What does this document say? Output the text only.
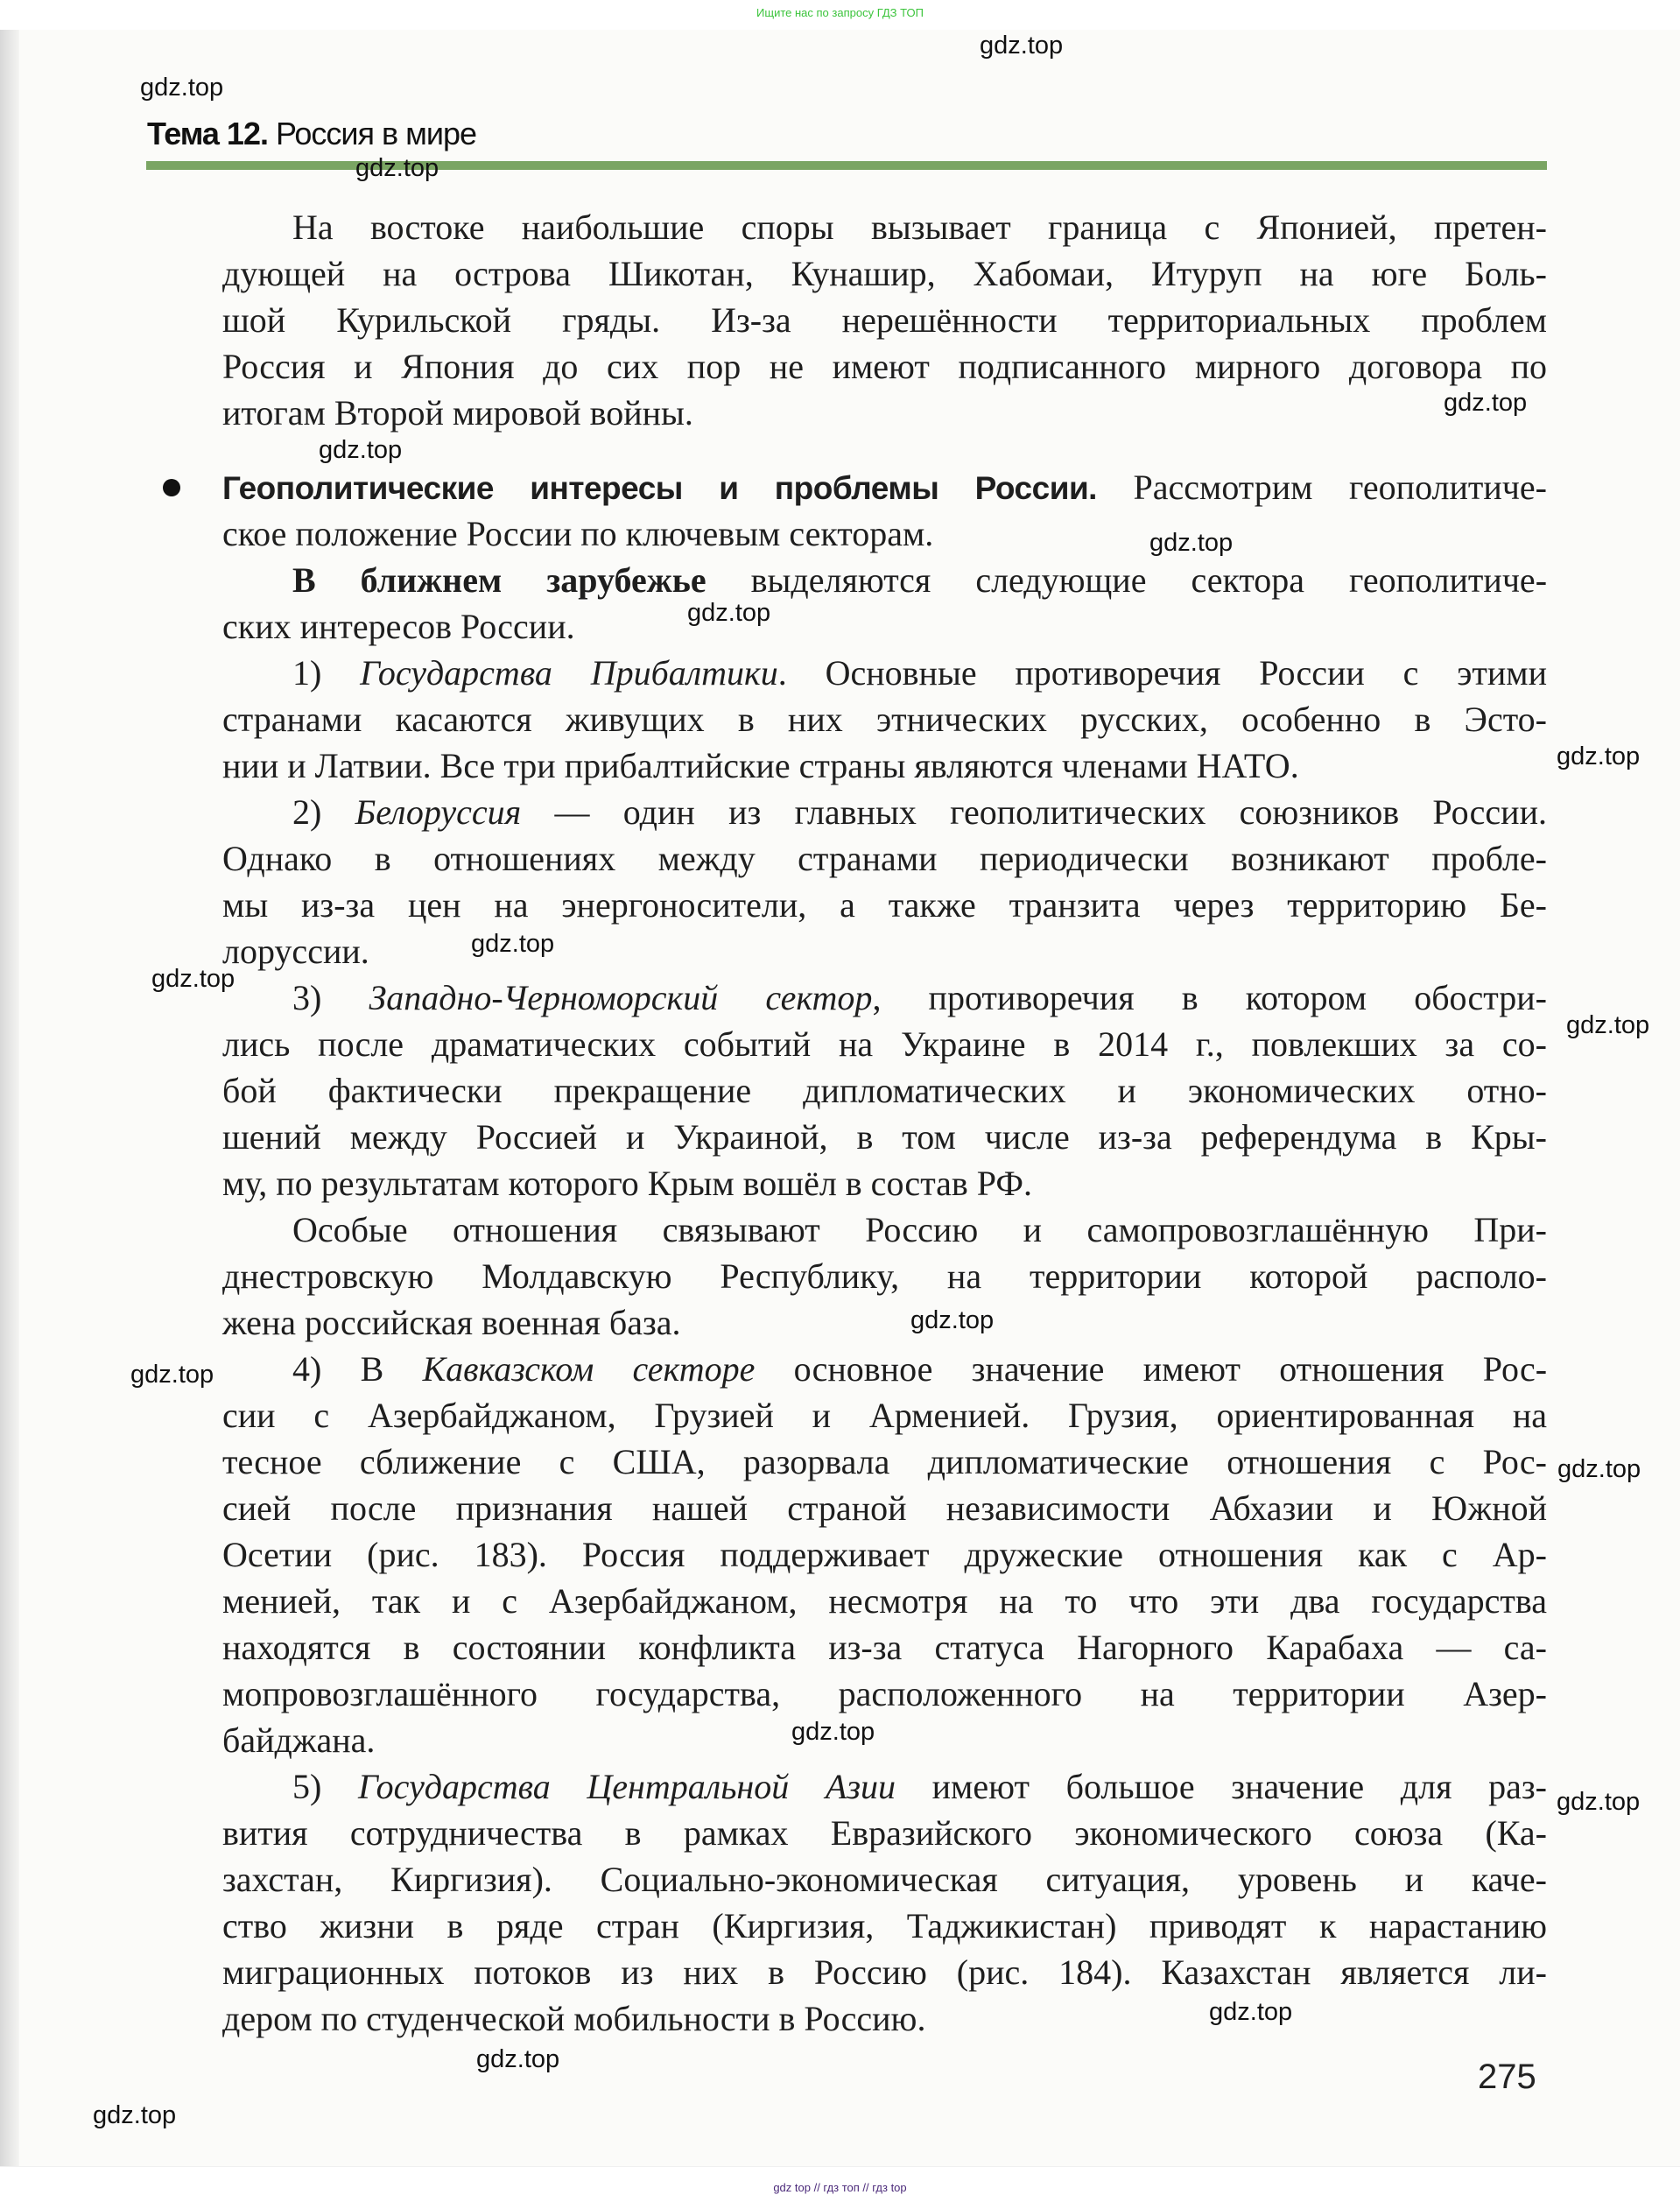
Ищите нас по запросу ГДЗ ТОП
Тема 12. Россия в мире
На востоке наибольшие споры вызывает граница с Японией, претен-
дующей на острова Шикотан, Кунашир, Хабомаи, Итуруп на юге Боль-
шой Курильской гряды. Из-за нерешённости территориальных проблем
Россия и Япония до сих пор не имеют подписанного мирного договора по
итогам Второй мировой войны.
Геополитические интересы и проблемы России. Рассмотрим геополитиче-
ское положение России по ключевым секторам.
В ближнем зарубежье выделяются следующие сектора геополитиче-
ских интересов России.
1) Государства Прибалтики. Основные противоречия России с этими
странами касаются живущих в них этнических русских, особенно в Эсто-
нии и Латвии. Все три прибалтийские страны являются членами НАТО.
2) Белоруссия — один из главных геополитических союзников России.
Однако в отношениях между странами периодически возникают пробле-
мы из-за цен на энергоносители, а также транзита через территорию Бе-
лоруссии.
3) Западно-Черноморский сектор, противоречия в котором обостри-
лись после драматических событий на Украине в 2014 г., повлекших за со-
бой фактически прекращение дипломатических и экономических отно-
шений между Россией и Украиной, в том числе из-за референдума в Кры-
му, по результатам которого Крым вошёл в состав РФ.
Особые отношения связывают Россию и самопровозглашённую При-
днестровскую Молдавскую Республику, на территории которой располо-
жена российская военная база.
4) В Кавказском секторе основное значение имеют отношения Рос-
сии с Азербайджаном, Грузией и Арменией. Грузия, ориентированная на
тесное сближение с США, разорвала дипломатические отношения с Рос-
сией после признания нашей страной независимости Абхазии и Южной
Осетии (рис. 183). Россия поддерживает дружеские отношения как с Ар-
менией, так и с Азербайджаном, несмотря на то что эти два государства
находятся в состоянии конфликта из-за статуса Нагорного Карабаха — са-
мопровозглашённого государства, расположенного на территории Азер-
байджана.
5) Государства Центральной Азии имеют большое значение для раз-
вития сотрудничества в рамках Евразийского экономического союза (Ка-
захстан, Киргизия). Социально-экономическая ситуация, уровень и каче-
ство жизни в ряде стран (Киргизия, Таджикистан) приводят к нарастанию
миграционных потоков из них в Россию (рис. 184). Казахстан является ли-
дером по студенческой мобильности в Россию.
275
gdz.top
gdz.top
gdz.top
gdz.top
gdz.top
gdz.top
gdz.top
gdz.top
gdz.top
gdz.top
gdz.top
gdz.top
gdz.top
gdz.top
gdz.top
gdz.top
gdz.top
gdz.top
gdz.top
gdz top // гдз топ // гдз top
